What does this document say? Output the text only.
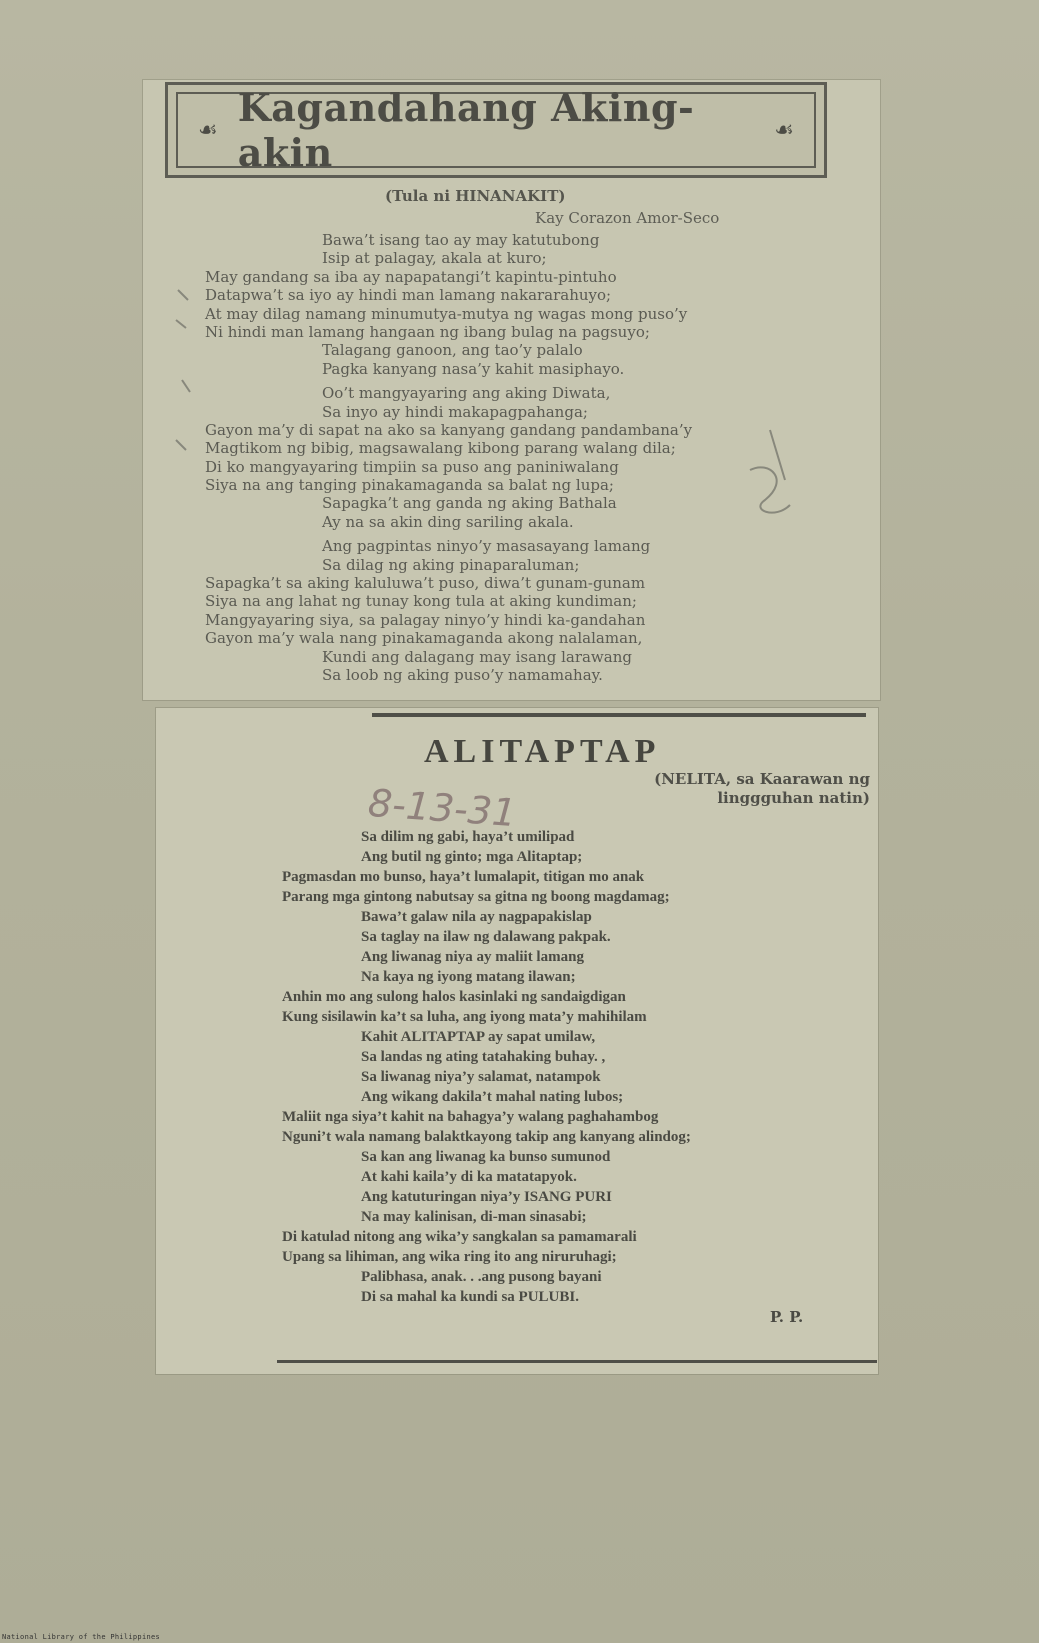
☙ Kagandahang Aking-akin	☙
(Tula ni HINANAKIT)
Kay Corazon Amor-Seco
Bawa’t isang tao ay may katutubong
Isip at palagay, akala at kuro;
May gandang sa iba ay napapatangi’t kapintu-pintuho
Datapwa’t sa iyo ay hindi man lamang nakararahuyo;
At may dilag namang minumutya-mutya ng wagas mong puso’y
Ni hindi man lamang hangaan ng ibang bulag na pagsuyo;
Talagang ganoon, ang tao’y palalo
Pagka kanyang nasa’y kahit masiphayo.
Oo’t mangyayaring ang aking Diwata,
Sa inyo ay hindi makapagpahanga;
Gayon ma’y di sapat na ako sa kanyang gandang pandambana’y
Magtikom ng bibig, magsawalang kibong parang walang dila;
Di ko mangyayaring timpiin sa puso ang paniniwalang
Siya na ang tanging pinakamaganda sa balat ng lupa;
Sapagka’t ang ganda ng aking Bathala
Ay na sa akin ding sariling akala.
Ang pagpintas ninyo’y masasayang lamang
Sa dilag ng aking pinaparaluman;
Sapagka’t sa aking kaluluwa’t puso, diwa’t gunam-gunam
Siya na ang lahat ng tunay kong tula at aking kundiman;
Mangyayaring siya, sa palagay ninyo’y hindi ka-gandahan
Gayon ma’y wala nang pinakamaganda akong nalalaman,
Kundi ang dalagang may isang larawang
Sa loob ng aking puso’y namamahay.
ALITAPTAP
(NELITA, sa Kaarawan ng
linggguhan natin)
8-13-31
Sa dilim ng gabi, haya’t umilipad
Ang butil ng ginto; mga Alitaptap;
Pagmasdan mo bunso, haya’t lumalapit, titigan mo anak
Parang mga gintong nabutsay sa gitna ng boong magdamag;
Bawa’t galaw nila ay nagpapakislap
Sa taglay na ilaw ng dalawang pakpak.
Ang liwanag niya ay maliit lamang
Na kaya ng iyong matang ilawan;
Anhin mo ang sulong halos kasinlaki ng sandaigdigan
Kung sisilawin ka’t sa luha, ang iyong mata’y mahihilam
Kahit ALITAPTAP ay sapat umilaw,
Sa landas ng ating tatahaking buhay. ,
Sa liwanag niya’y salamat, natampok
Ang wikang dakila’t mahal nating lubos;
Maliit nga siya’t kahit na bahagya’y walang paghahambog
Nguni’t wala namang balaktkayong takip ang kanyang alindog;
Sa kan ang liwanag ka bunso sumunod
At kahi kaila’y di ka matatapyok.
Ang katuturingan niya’y ISANG PURI
Na may kalinisan, di-man sinasabi;
Di katulad nitong ang wika’y sangkalan sa pamamarali
Upang sa lihiman, ang wika ring ito ang niruruhagi;
Palibhasa, anak. . .ang pusong bayani
Di sa mahal ka kundi sa PULUBI.
P. P.
National Library of the Philippines
